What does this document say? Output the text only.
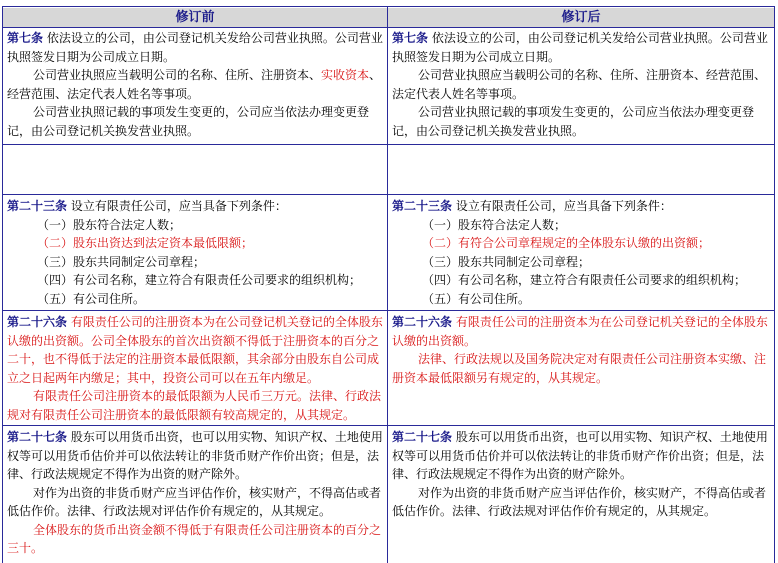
修订前	修订后

第七条 依法设立的公司，由公司登记机关发给公司营业执照。公司营业执照签发日期为公司成立日期。

公司营业执照应当载明公司的名称、住所、注册资本、实收资本、经营范围、法定代表人姓名等事项。

公司营业执照记载的事项发生变更的，公司应当依法办理变更登记，由公司登记机关换发营业执照。

第七条 依法设立的公司，由公司登记机关发给公司营业执照。公司营业执照签发日期为公司成立日期。

公司营业执照应当载明公司的名称、住所、注册资本、经营范围、法定代表人姓名等事项。

公司营业执照记载的事项发生变更的，公司应当依法办理变更登记，由公司登记机关换发营业执照。

第二十三条 设立有限责任公司，应当具备下列条件：

（一）股东符合法定人数；

（二）股东出资达到法定资本最低限额；

（三）股东共同制定公司章程；

（四）有公司名称，建立符合有限责任公司要求的组织机构；

（五）有公司住所。

第二十三条 设立有限责任公司，应当具备下列条件：

（一）股东符合法定人数；

（二）有符合公司章程规定的全体股东认缴的出资额；

（三）股东共同制定公司章程；

（四）有公司名称，建立符合有限责任公司要求的组织机构；

（五）有公司住所。

第二十六条 有限责任公司的注册资本为在公司登记机关登记的全体股东认缴的出资额。公司全体股东的首次出资额不得低于注册资本的百分之二十，也不得低于法定的注册资本最低限额，其余部分由股东自公司成立之日起两年内缴足；其中，投资公司可以在五年内缴足。

有限责任公司注册资本的最低限额为人民币三万元。法律、行政法规对有限责任公司注册资本的最低限额有较高规定的，从其规定。

第二十六条 有限责任公司的注册资本为在公司登记机关登记的全体股东认缴的出资额。

法律、行政法规以及国务院决定对有限责任公司注册资本实缴、注册资本最低限额另有规定的，从其规定。

第二十七条 股东可以用货币出资，也可以用实物、知识产权、土地使用权等可以用货币估价并可以依法转让的非货币财产作价出资；但是，法律、行政法规规定不得作为出资的财产除外。

对作为出资的非货币财产应当评估作价，核实财产，不得高估或者低估作价。法律、行政法规对评估作价有规定的，从其规定。

全体股东的货币出资金额不得低于有限责任公司注册资本的百分之三十。

第二十七条 股东可以用货币出资，也可以用实物、知识产权、土地使用权等可以用货币估价并可以依法转让的非货币财产作价出资；但是，法律、行政法规规定不得作为出资的财产除外。

对作为出资的非货币财产应当评估作价，核实财产，不得高估或者低估作价。法律、行政法规对评估作价有规定的，从其规定。
